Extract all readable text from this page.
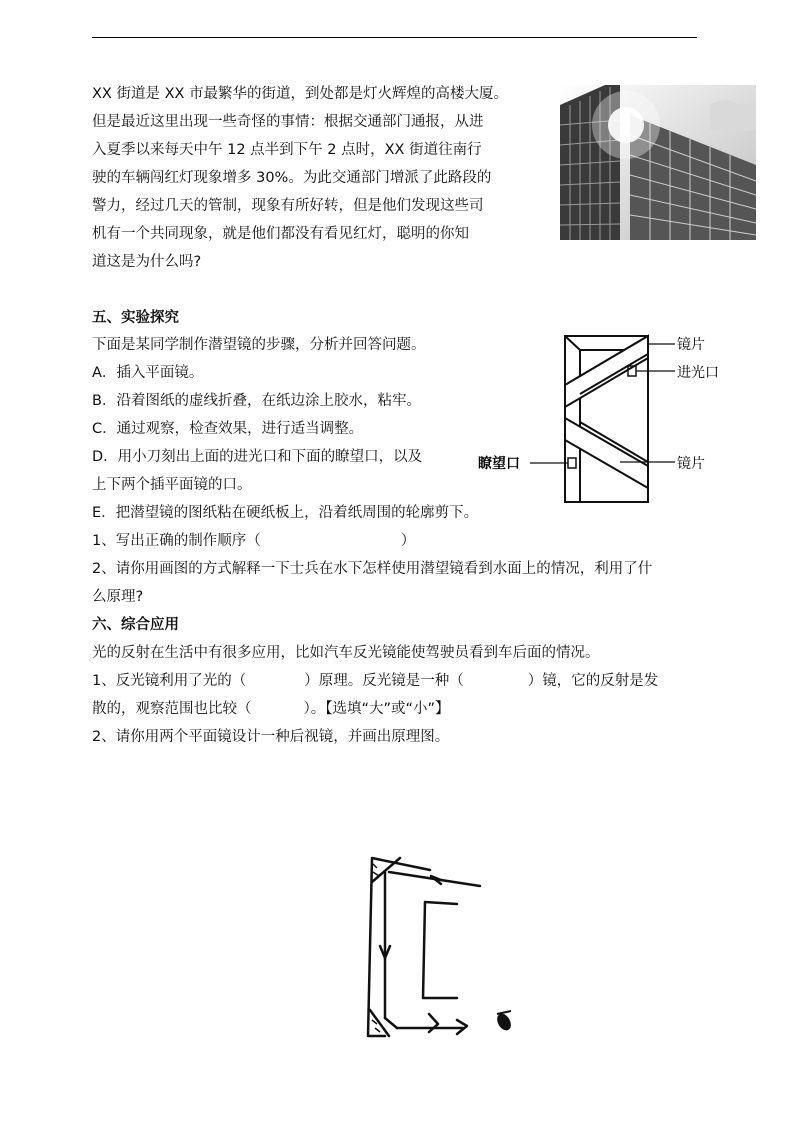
XX 街道是 XX 市最繁华的街道，到处都是灯火辉煌的高楼大厦。
但是最近这里出现一些奇怪的事情：根据交通部门通报，从进
入夏季以来每天中午 12 点半到下午 2 点时，XX 街道往南行
驶的车辆闯红灯现象增多 30%。为此交通部门增派了此路段的
警力，经过几天的管制，现象有所好转，但是他们发现这些司
机有一个共同现象，就是他们都没有看见红灯，聪明的你知
道这是为什么吗?
五、实验探究
下面是某同学制作潜望镜的步骤，分析并回答问题。
A．插入平面镜。
B．沿着图纸的虚线折叠，在纸边涂上胶水，粘牢。
C．通过观察，检查效果，进行适当调整。
D．用小刀刻出上面的进光口和下面的瞭望口，以及
上下两个插平面镜的口。
E．把潜望镜的图纸粘在硬纸板上，沿着纸周围的轮廓剪下。
1、写出正确的制作顺序（	）
2、请你用画图的方式解释一下士兵在水下怎样使用潜望镜看到水面上的情况，利用了什
么原理?
镜片
进光口
瞭望口	镜片
六、综合应用
光的反射在生活中有很多应用，比如汽车反光镜能使驾驶员看到车后面的情况。
1、反光镜利用了光的（	）原理。反光镜是一种（	）镜，它的反射是发
散的，观察范围也比较（	）。【选填“大”或“小”】
2、请你用两个平面镜设计一种后视镜，并画出原理图。
